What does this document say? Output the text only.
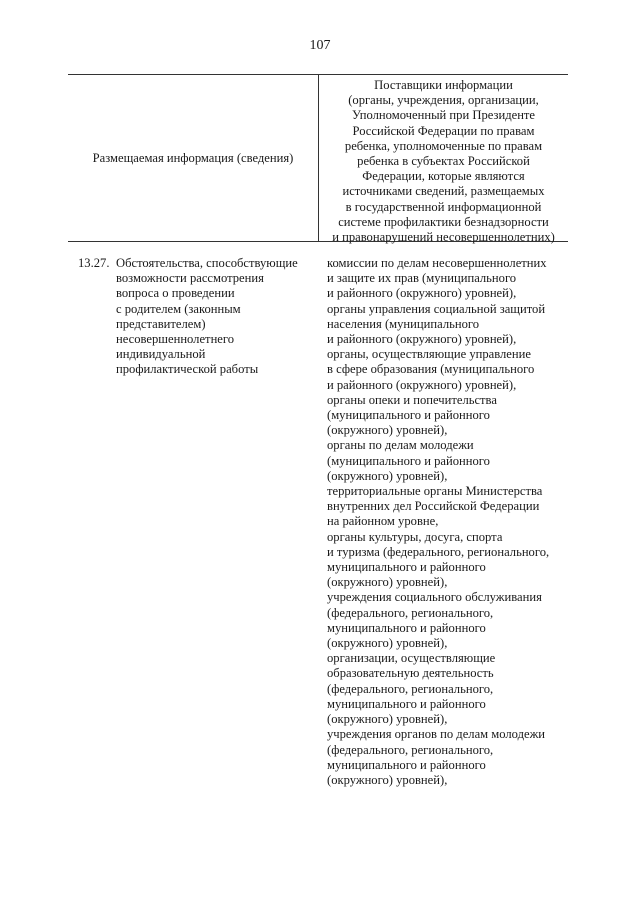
107
Размещаемая информация (сведения)
Поставщики информации
(органы, учреждения, организации,
Уполномоченный при Президенте
Российской Федерации по правам
ребенка, уполномоченные по правам
ребенка в субъектах Российской
Федерации, которые являются
источниками сведений, размещаемых
в государственной информационной
системе профилактики безнадзорности
и правонарушений несовершеннолетних)
13.27. Обстоятельства, способствующие
возможности рассмотрения
вопроса о проведении
с родителем (законным
представителем)
несовершеннолетнего
индивидуальной
профилактической работы
комиссии по делам несовершеннолетних
и защите их прав (муниципального
и районного (окружного) уровней),
органы управления социальной защитой
населения (муниципального
и районного (окружного) уровней),
органы, осуществляющие управление
в сфере образования (муниципального
и районного (окружного) уровней),
органы опеки и попечительства
(муниципального и районного
(окружного) уровней),
органы по делам молодежи
(муниципального и районного
(окружного) уровней),
территориальные органы Министерства
внутренних дел Российской Федерации
на районном уровне,
органы культуры, досуга, спорта
и туризма (федерального, регионального,
муниципального и районного
(окружного) уровней),
учреждения социального обслуживания
(федерального, регионального,
муниципального и районного
(окружного) уровней),
организации, осуществляющие
образовательную деятельность
(федерального, регионального,
муниципального и районного
(окружного) уровней),
учреждения органов по делам молодежи
(федерального, регионального,
муниципального и районного
(окружного) уровней),
